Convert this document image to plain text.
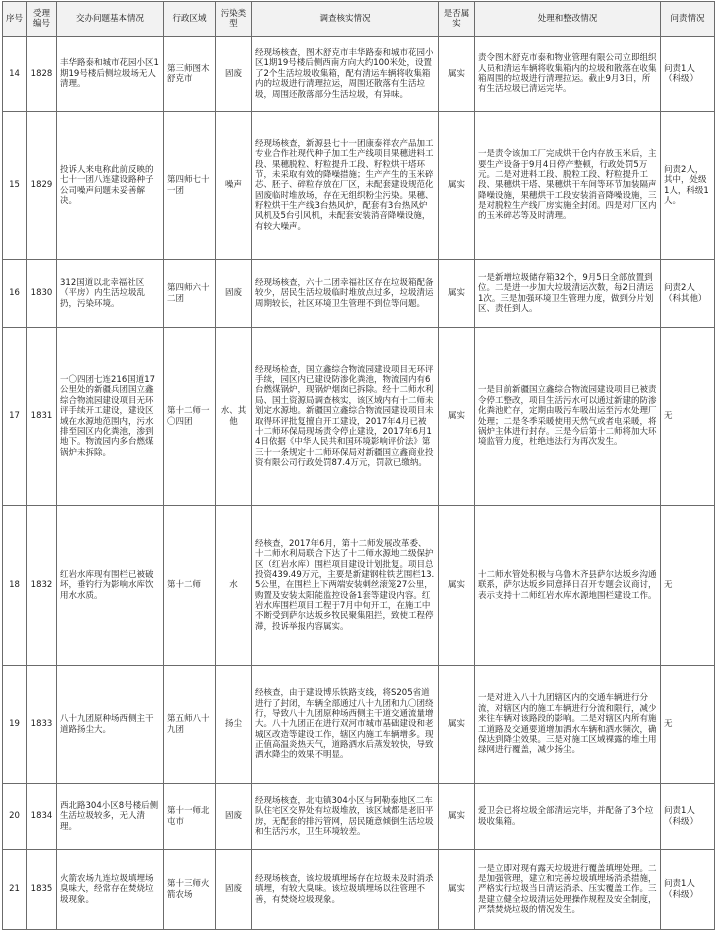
序号	受理编号	交办问题基本情况	行政区域	污染类型	调查核实情况	是否属实	处理和整改情况	问责情况
14	1828	丰华路泰和城市花园小区1期19号楼后侧垃圾场无人清理。	第三师图木舒克市	固废	经现场核查，图木舒克市丰华路泰和城市花园小区1期19号楼后侧西南方向大约100米处，设置了2个生活垃圾收集箱，配有清运车辆将收集箱内的垃圾进行清理拉运，周围还散落有生活垃圾，周围还散落部分生活垃圾，有异味。	属实	责令图木舒克市泰和物业管理有限公司立即组织人员和清运车辆将收集箱内的垃圾和散落在收集箱周围的垃圾进行清理拉运。截止9月3日，所有生活垃圾已清运完毕。	问责1人（科级）
15	1829	投诉人来电称此前反映的七十一团八连建设路种子公司噪声问题未妥善解决。	第四师七十一团	噪声	经现场核查，新源县七十一团康泰祥农产品加工专业合作社现代种子加工生产线项目果穗进料工段、果穗脱粒、籽粒提升工段、籽粒烘干塔环节，未采取有效的降噪措施；生产产生的玉米碎芯、胚子、碎粒存放在厂区，未配套建设规范化固废临时堆放场，存在无组织粉尘污染。果穗、籽粒烘干生产线3台热风炉，配套有3台热风炉风机及5台引风机，未配套安装消音降噪设施，有较大噪声。	属实	一是责令该加工厂完成烘干仓内存放玉米后，主要生产设备于9月4日停产整顿，行政处罚5万元。二是对进料工段、脱粒工段、籽粒提升工段、果穗烘干塔、果穗烘干车间等环节加装隔声降噪设施，果穗烘干工段安装消音降噪设施，三是对脱粒生产线厂房实施全封闭。四是对厂区内的玉米碎芯等及时清理。	问责2人，其中，处级1人，科级1人。
16	1830	312国道以北幸福社区（平房）内生活垃圾乱扔，污染环境。	第四师六十二团	固废	经现场核查，六十二团幸福社区存在垃圾箱配备较少，居民生活垃圾临时堆放点过多，垃圾清运周期较长，社区环境卫生管理不到位等问题。	属实	一是新增垃圾储存箱32个，9月5日全部放置到位。二是进一步加大垃圾清运次数，每2日清运1次。三是加强环境卫生管理力度，做到分片划区、责任到人。	问责2人（科其他）
17	1831	一〇四团七连216国道17公里处的新疆兵团国立鑫综合物流园建设项目无环评手续开工建设，建设区域在水源地范围内，污水排至园区内化粪池，渗到地下。物流园内多台燃煤锅炉未拆除。	第十二师一〇四团	水、其他	经现场检查，国立鑫综合物流园建设项目无环评手续，园区内已建设防渗化粪池，物流园内有6台燃煤锅炉，现锅炉烟囱已拆除。经十二师水利局、国土资源局调查核实，该区域内有十二师未划定水源地。新疆国立鑫综合物流园建设项目未取得环评批复擅自开工建设，2017年4月已被十二师环保局现场责令停止建设，2017年6月14日依据《中华人民共和国环境影响评价法》第三十一条规定十二师环保局对新疆国立鑫商业投资有限公司行政处罚87.4万元，罚款已缴纳。	属实	一是目前新疆国立鑫综合物流园建设项目已被责令停工整改，项目生活污水可以通过新建的防渗化粪池贮存，定期由吸污车吸出运至污水处理厂处理；二是冬季采暖使用天然气或者电采暖，将锅炉主体进行封存。三是今后第十二师将加大环境监管力度，杜绝违法行为再次发生。	无
18	1832	红岩水库现有围栏已被破坏，垂钓行为影响水库饮用水水质。	第十二师	水	经核查，2017年6月，第十二师发展改革委、十二师水利局联合下达了十二师水源地二级保护区（红岩水库）围栏项目建设计划批复。项目总投资439.49万元，主要是新建钢柱铁艺围栏13.5公里，在围栏上下两端安装刺丝滚笼27公里，购置及安装太阳能监控设备1套等建设内容。红岩水库围栏项目工程于7月中旬开工，在施工中不断受到萨尔达坂乡牧民聚集阻拦，致使工程停滞，投诉举报内容属实。	属实	十二师水管处积极与乌鲁木齐县萨尔达坂乡沟通联系，萨尔达坂乡同意择日召开专题会议商讨，表示支持十二师红岩水库水源地围栏建设工作。	无
19	1833	八十九团原种场西侧主干道路扬尘大。	第五师八十九团	扬尘	经核查，由于建设博乐铁路支线，将S205省道进行了封闭，车辆全部通过八十九团和九〇团绕行，导致八十九团原种场西侧主干道交通流量增大。八十九团正在进行双河市城市基础建设和老城区改造等建设工作，辖区内施工车辆增多。现正值高温炎热天气，道路洒水后蒸发较快，导致洒水降尘的效果不明显。	属实	一是对进入八十九团辖区内的交通车辆进行分流，对辖区内的施工车辆进行分流和限行，减少来往车辆对该路段的影响。二是对辖区内所有施工道路及交通要道增加洒水车辆和洒水频次，确保达到降尘效果。三是对施工区域裸露的堆土用绿网进行覆盖，减少扬尘。	无
20	1834	西北路304小区8号楼后侧生活垃圾较多，无人清理。	第十一师北屯市	固废	经现场核查，北屯镇304小区与阿勒泰地区二车队住宅区交界处有垃圾堆放，该区域都是老旧平房，无配套的排污管网，居民随意倾倒生活垃圾和生活污水，卫生环境较差。	属实	爱卫会已将垃圾全部清运完毕，并配备了3个垃圾收集箱。	问责1人（科级）
21	1835	火箭农场九连垃圾填埋场臭味大，经常存在焚烧垃圾现象。	第十三师火箭农场	固废	经现场核查，该垃圾填埋场存在垃圾未及时消杀填埋，有较大臭味。该垃圾填埋场以往管理不善，有焚烧垃圾现象。	属实	一是立即对现有露天垃圾进行覆盖填埋处理。二是加强管理，建立和完善垃圾填埋场消杀措施，严格实行垃圾当日清运消杀、压实覆盖工作。三是建立健全垃圾清运处理操作规程及安全制度，严禁焚烧垃圾的情况发生。	问责1人（科级）
